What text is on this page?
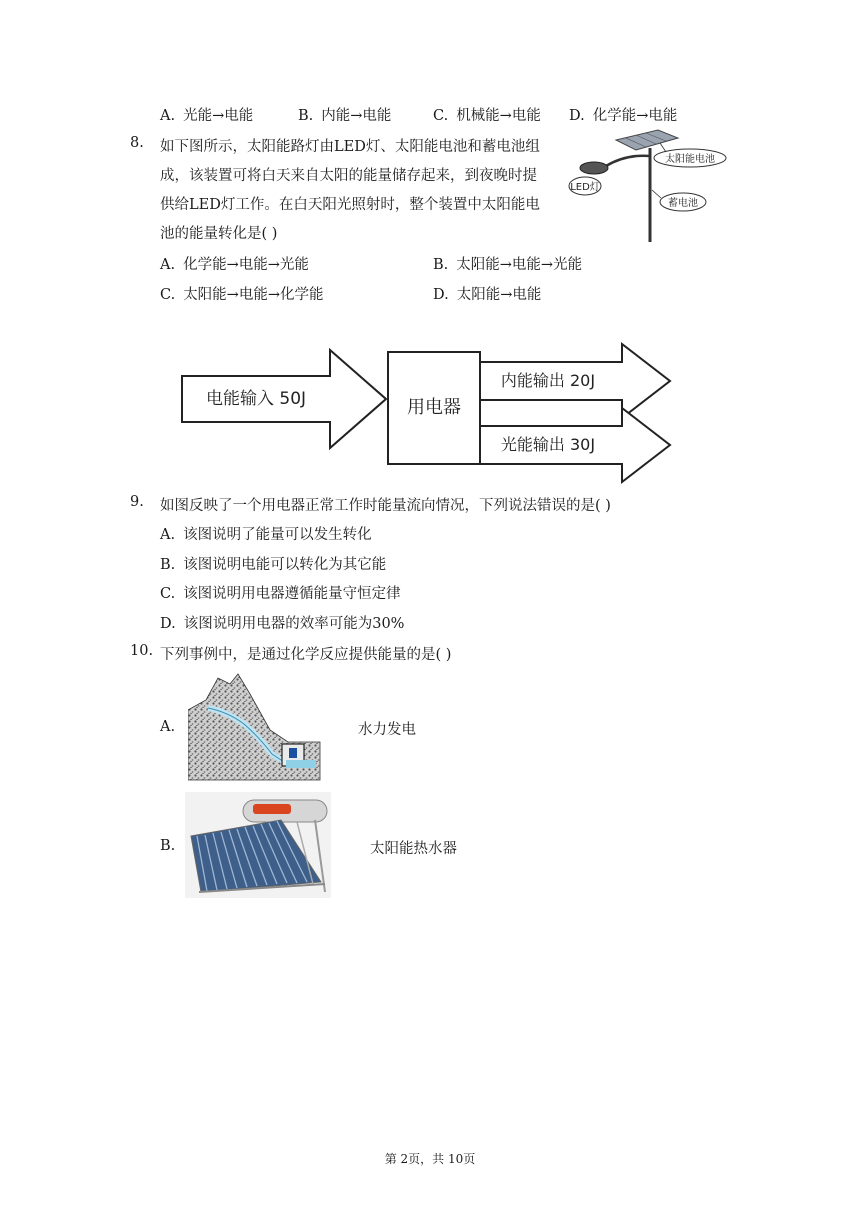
A. 光能→电能	B. 内能→电能	C. 机械能→电能 D. 化学能→电能
8. 如下图所示，太阳能路灯由LED灯、太阳能电池和蓄电池组
成，该装置可将白天来自太阳的能量储存起来，到夜晚时提
供给LED灯工作。在白天阳光照射时，整个装置中太阳能电
池的能量转化是( )
太阳能电池
LED灯
蓄电池
A. 化学能→电能→光能	B. 太阳能→电能→光能
C. 太阳能→电能→化学能	D. 太阳能→电能
电能输入 50J	用电器
内能输出 20J
光能输出 30J
9. 如图反映了一个用电器正常工作时能量流向情况，下列说法错误的是( )
A. 该图说明了能量可以发生转化
B. 该图说明电能可以转化为其它能
C. 该图说明用电器遵循能量守恒定律
D. 该图说明用电器的效率可能为30%
10. 下列事例中，是通过化学反应提供能量的是( )
A.	水力发电
B.	太阳能热水器
第 2页，共 10页
